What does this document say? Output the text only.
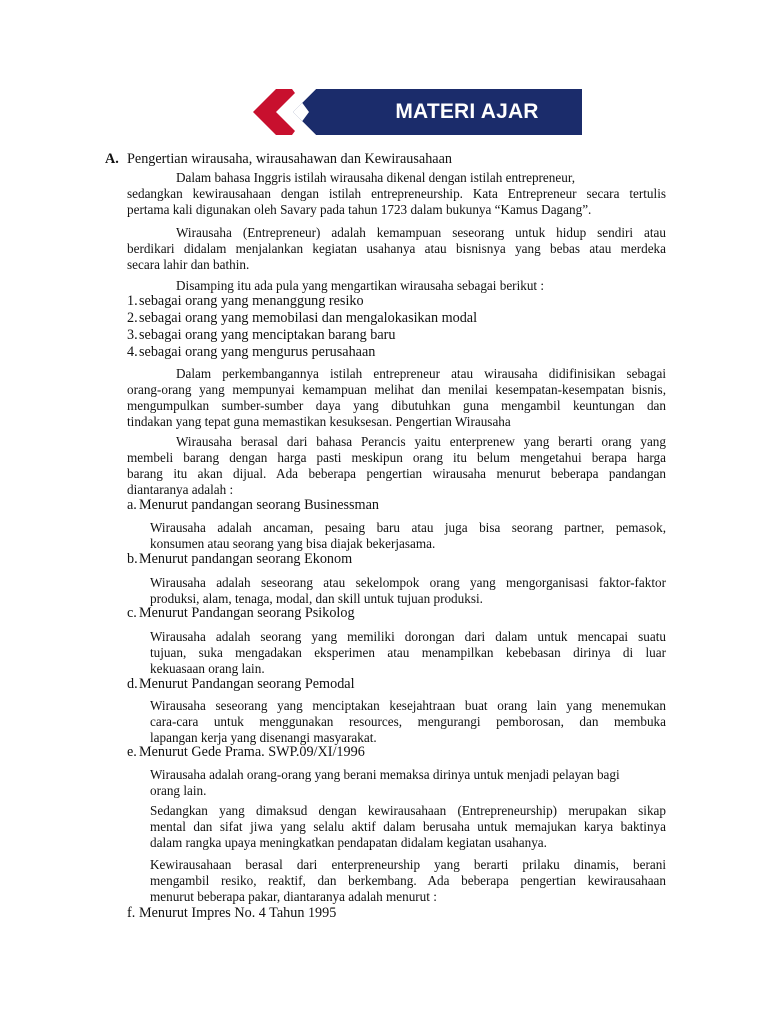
MATERI AJAR
A. Pengertian wirausaha, wirausahawan dan Kewirausahaan
Dalam bahasa Inggris istilah wirausaha dikenal dengan istilah entrepreneur,
sedangkan kewirausahaan dengan istilah entrepreneurship. Kata Entrepreneur secara tertulis
pertama kali digunakan oleh Savary pada tahun 1723 dalam bukunya “Kamus Dagang”.
Wirausaha (Entrepreneur) adalah kemampuan seseorang untuk hidup sendiri atau
berdikari didalam menjalankan kegiatan usahanya atau bisnisnya yang bebas atau merdeka
secara lahir dan bathin.
Disamping itu ada pula yang mengartikan wirausaha sebagai berikut :
1. sebagai orang yang menanggung resiko
2. sebagai orang yang memobilasi dan mengalokasikan modal
3. sebagai orang yang menciptakan barang baru
4. sebagai orang yang mengurus perusahaan
Dalam perkembangannya istilah entrepreneur atau wirausaha didifinisikan sebagai
orang-orang yang mempunyai kemampuan melihat dan menilai kesempatan-kesempatan bisnis,
mengumpulkan sumber-sumber daya yang dibutuhkan guna mengambil keuntungan dan
tindakan yang tepat guna memastikan kesuksesan. Pengertian Wirausaha
Wirausaha berasal dari bahasa Perancis yaitu enterprenew yang berarti orang yang
membeli barang dengan harga pasti meskipun orang itu belum mengetahui berapa harga
barang itu akan dijual. Ada beberapa pengertian wirausaha menurut beberapa pandangan
diantaranya adalah :
a. Menurut pandangan seorang Businessman
Wirausaha adalah ancaman, pesaing baru atau juga bisa seorang partner, pemasok,
konsumen atau seorang yang bisa diajak bekerjasama.
b. Menurut pandangan seorang Ekonom
Wirausaha adalah seseorang atau sekelompok orang yang mengorganisasi faktor-faktor
produksi, alam, tenaga, modal, dan skill untuk tujuan produksi.
c. Menurut Pandangan seorang Psikolog
Wirausaha adalah seorang yang memiliki dorongan dari dalam untuk mencapai suatu
tujuan, suka mengadakan eksperimen atau menampilkan kebebasan dirinya di luar
kekuasaan orang lain.
d. Menurut Pandangan seorang Pemodal
Wirausaha seseorang yang menciptakan kesejahtraan buat orang lain yang menemukan
cara-cara untuk menggunakan resources, mengurangi pemborosan, dan membuka
lapangan kerja yang disenangi masyarakat.
e. Menurut Gede Prama. SWP.09/XI/1996
Wirausaha adalah orang-orang yang berani memaksa dirinya untuk menjadi pelayan bagi
orang lain.
Sedangkan yang dimaksud dengan kewirausahaan (Entrepreneurship) merupakan sikap
mental dan sifat jiwa yang selalu aktif dalam berusaha untuk memajukan karya baktinya
dalam rangka upaya meningkatkan pendapatan didalam kegiatan usahanya.
Kewirausahaan berasal dari enterpreneurship yang berarti prilaku dinamis, berani
mengambil resiko, reaktif, dan berkembang. Ada beberapa pengertian kewirausahaan
menurut beberapa pakar, diantaranya adalah menurut :
f. Menurut Impres No. 4 Tahun 1995
